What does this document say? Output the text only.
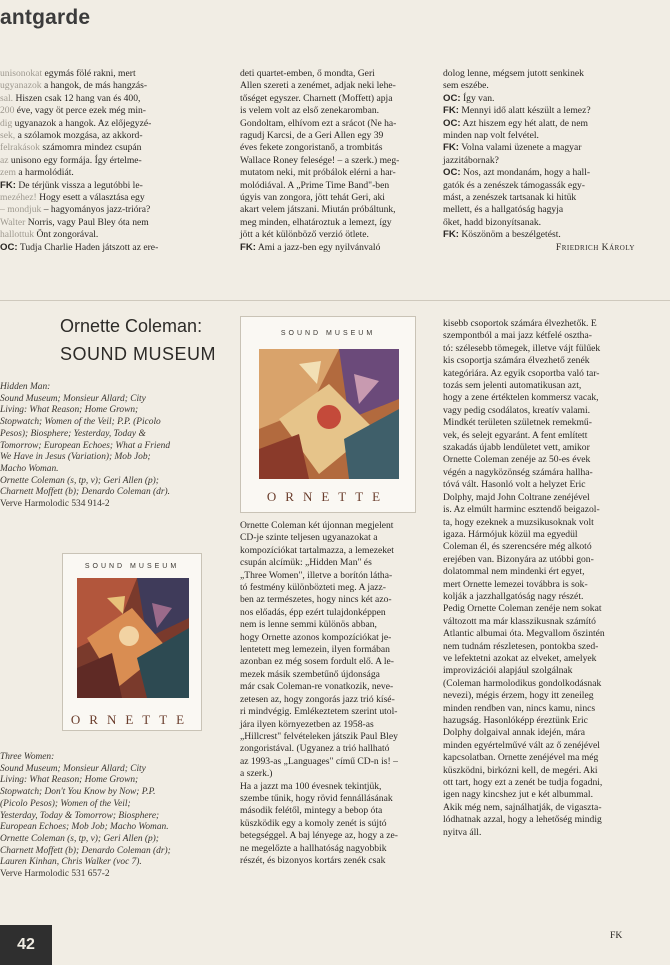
antgarde

unisonokat egymás fölé rakni, mert

ugyanazok a hangok, de más hangzás-

sal. Hiszen csak 12 hang van és 400,

200 éve, vagy öt perce ezek még min-

dig ugyanazok a hangok. Az előjegyzé-

sek, a szólamok mozgása, az akkord-

felrakások számomra mindez csupán

az unisono egy formája. Így értelme-

zem a harmolódiát.

FK: De térjünk vissza a legutóbbi le-

mezéhez! Hogy esett a választása egy

– mondjuk – hagyományos jazz-trióra?

Walter Norris, vagy Paul Bley óta nem

hallottuk Önt zongorával.

OC: Tudja Charlie Haden játszott az ere-

deti quartet-emben, ő mondta, Geri

Allen szereti a zenémet, adjak neki lehe-

tőséget egyszer. Charnett (Moffett) apja

is velem volt az első zenekaromban.

Gondoltam, elhívom ezt a srácot (Ne ha-

ragudj Karcsi, de a Geri Allen egy 39

éves fekete zongoristanő, a trombitás

Wallace Roney felesége! – a szerk.) meg-

mutatom neki, mit próbálok elérni a har-

molódiával. A „Prime Time Band"-ben

úgyis van zongora, jött tehát Geri, aki

akart velem játszani. Miután próbáltunk,

meg minden, elhatároztuk a lemezt, így

jött a két különböző verzió ötlete.

FK: Ami a jazz-ben egy nyilvánvaló

dolog lenne, mégsem jutott senkinek

sem eszébe.

OC: Így van.

FK: Mennyi idő alatt készült a lemez?

OC: Azt hiszem egy hét alatt, de nem

minden nap volt felvétel.

FK: Volna valami üzenete a magyar

jazzitábornak?

OC: Nos, azt mondanám, hogy a hall-

gatók és a zenészek támogassák egy-

mást, a zenészek tartsanak ki hitük

mellett, és a hallgatóság hagyja

őket, hadd bizonyítsanak.

FK: Köszönöm a beszélgetést.

Friedrich Károly

Ornette Coleman:
SOUND MUSEUM

Hidden Man:

Sound Museum; Monsieur Allard; City

Living: What Reason; Home Grown;

Stopwatch; Women of the Veil; P.P. (Picolo

Pesos); Biosphere; Yesterday, Today &

Tomorrow; European Echoes; What a Friend

We Have in Jesus (Variation); Mob Job;

Macho Woman.

Ornette Coleman (s, tp, v); Geri Allen (p);

Charnett Moffett (b); Denardo Coleman (dr).

Verve Harmolodic 534 914-2

SOUND MUSEUM
ORNETTE

Three Women:

Sound Museum; Monsieur Allard; City

Living: What Reason; Home Grown;

Stopwatch; Don't You Know by Now; P.P.

(Picolo Pesos); Women of the Veil;

Yesterday, Today & Tomorrow; Biosphere;

European Echoes; Mob Job; Macho Woman.

Ornette Coleman (s, tp, v); Geri Allen (p);

Charnett Moffett (b); Denardo Coleman (dr);

Lauren Kinhan, Chris Walker (voc 7).

Verve Harmolodic 531 657-2

SOUND MUSEUM
ORNETTE

Ornette Coleman két újonnan megjelent

CD-je szinte teljesen ugyanazokat a

kompozíciókat tartalmazza, a lemezeket

csupán alcímük: „Hidden Man" és

„Three Women", illetve a borítón látha-

tó festmény különbözteti meg. A jazz-

ben az természetes, hogy nincs két azo-

nos előadás, épp ezért tulajdonképpen

nem is lenne semmi különös abban,

hogy Ornette azonos kompozíciókat je-

lentetett meg lemezein, ilyen formában

azonban ez még sosem fordult elő. A le-

mezek másik szembetűnő újdonsága

már csak Coleman-re vonatkozik, neve-

zetesen az, hogy zongorás jazz trió kísé-

ri mindvégig. Emlékeztetem szerint utol-

jára ilyen környezetben az 1958-as

„Hillcrest" felvételeken játszik Paul Bley

zongoristával. (Ugyanez a trió hallható

az 1993-as „Languages" című CD-n is! –

a szerk.)

Ha a jazzt ma 100 évesnek tekintjük,

szembe tűnik, hogy rövid fennállásának

második felétől, mintegy a bebop óta

küszködik egy a komoly zenét is sújtó

betegséggel. A baj lényege az, hogy a ze-

ne megelőzte a hallhatóság nagyobbik

részét, és bizonyos kortárs zenék csak

kisebb csoportok számára élvezhetők. E

szempontból a mai jazz kétfelé osztha-

tó: szélesebb tömegek, illetve vájt fülűek

kis csoportja számára élvezhető zenék

kategóriára. Az egyik csoportba való tar-

tozás sem jelenti automatikusan azt,

hogy a zene értéktelen kommersz vacak,

vagy pedig csodálatos, kreatív valami.

Mindkét területen születnek remekmű-

vek, és selejt egyaránt. A fent említett

szakadás újabb lendületet vett, amikor

Ornette Coleman zenéje az 50-es évek

végén a nagyközönség számára hallha-

tóvá vált. Hasonló volt a helyzet Eric

Dolphy, majd John Coltrane zenéjével

is. Az elmúlt harminc esztendő beigazol-

ta, hogy ezeknek a muzsikusoknak volt

igaza. Hármójuk közül ma egyedül

Coleman él, és szerencsére még alkotó

erejében van. Bizonyára az utóbbi gon-

dolatommal nem mindenki ért egyet,

mert Ornette lemezei továbbra is sok-

kolják a jazzhallgatóság nagy részét.

Pedig Ornette Coleman zenéje nem sokat

változott ma már klasszikusnak számító

Atlantic albumai óta. Megvallom őszintén

nem tudnám részletesen, pontokba szed-

ve lefektetni azokat az elveket, amelyek

improvizációi alapjául szolgálnak

(Coleman harmolodikus gondolkodásnak

nevezi), mégis érzem, hogy itt zeneileg

minden rendben van, nincs kamu, nincs

hazugság. Hasonlóképp éreztünk Eric

Dolphy dolgaival annak idején, mára

minden egyértelművé vált az ő zenéjével

kapcsolatban. Ornette zenéjével ma még

küszködni, birkózni kell, de megéri. Aki

ott tart, hogy ezt a zenét be tudja fogadni,

igen nagy kincshez jut e két albummal.

Akik még nem, sajnálhatják, de vigaszta-

lódhatnak azzal, hogy a lehetőség mindig

nyitva áll.

FK
42
